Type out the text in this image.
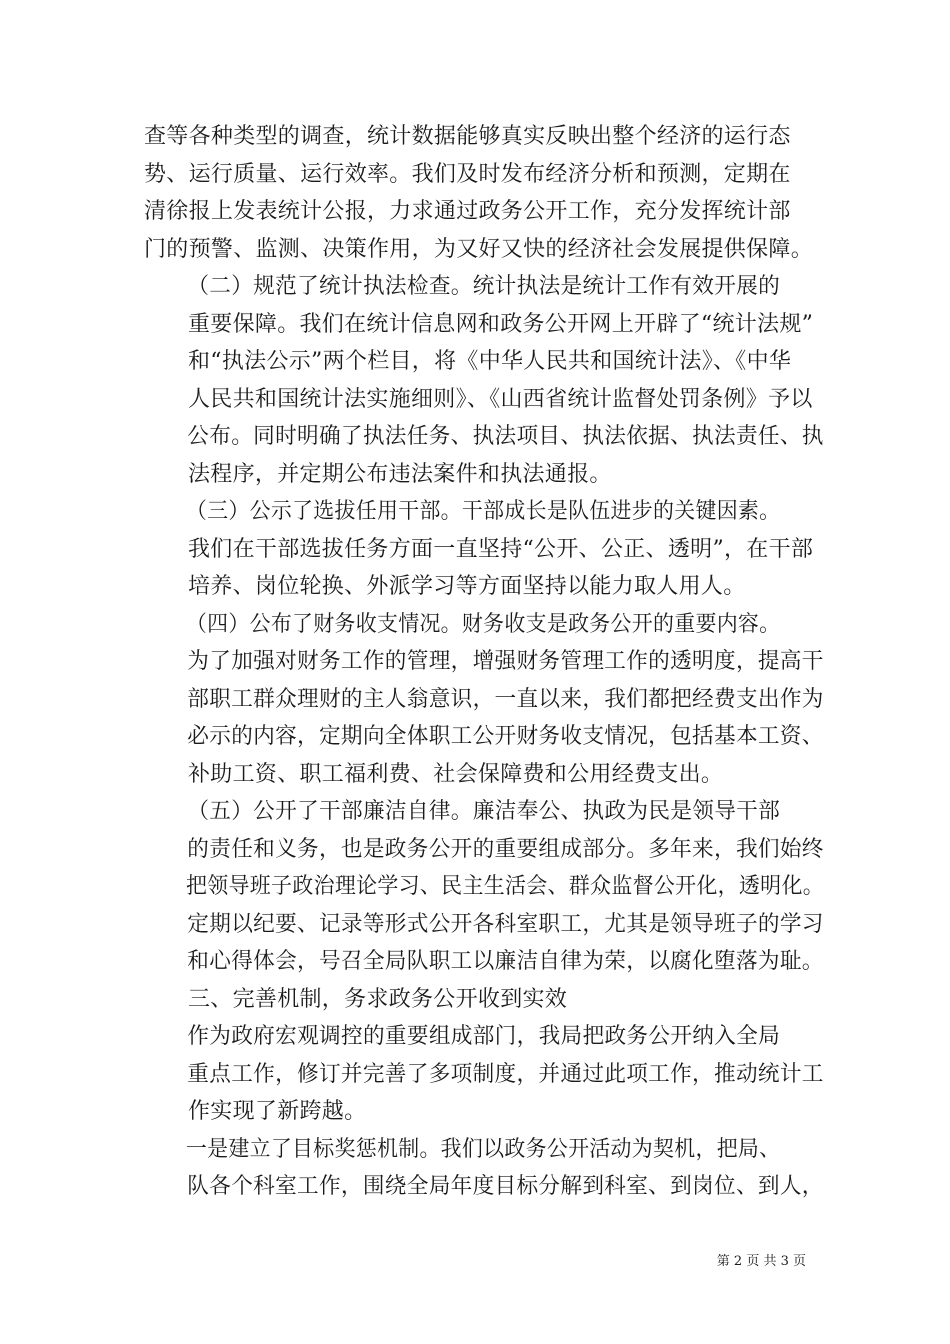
查等各种类型的调查，统计数据能够真实反映出整个经济的运行态
势、运行质量、运行效率。我们及时发布经济分析和预测，定期在
清徐报上发表统计公报，力求通过政务公开工作，充分发挥统计部
门的预警、监测、决策作用，为又好又快的经济社会发展提供保障。
（二）规范了统计执法检查。统计执法是统计工作有效开展的
重要保障。我们在统计信息网和政务公开网上开辟了“统计法规”
和“执法公示”两个栏目，将《中华人民共和国统计法》、《中华
人民共和国统计法实施细则》、《山西省统计监督处罚条例》予以
公布。同时明确了执法任务、执法项目、执法依据、执法责任、执
法程序，并定期公布违法案件和执法通报。
（三）公示了选拔任用干部。干部成长是队伍进步的关键因素。
我们在干部选拔任务方面一直坚持“公开、公正、透明”，在干部
培养、岗位轮换、外派学习等方面坚持以能力取人用人。
（四）公布了财务收支情况。财务收支是政务公开的重要内容。
为了加强对财务工作的管理，增强财务管理工作的透明度，提高干
部职工群众理财的主人翁意识，一直以来，我们都把经费支出作为
必示的内容，定期向全体职工公开财务收支情况，包括基本工资、
补助工资、职工福利费、社会保障费和公用经费支出。
（五）公开了干部廉洁自律。廉洁奉公、执政为民是领导干部
的责任和义务，也是政务公开的重要组成部分。多年来，我们始终
把领导班子政治理论学习、民主生活会、群众监督公开化，透明化。
定期以纪要、记录等形式公开各科室职工，尤其是领导班子的学习
和心得体会，号召全局队职工以廉洁自律为荣，以腐化堕落为耻。
三、完善机制，务求政务公开收到实效
作为政府宏观调控的重要组成部门，我局把政务公开纳入全局
重点工作，修订并完善了多项制度，并通过此项工作，推动统计工
作实现了新跨越。
一是建立了目标奖惩机制。我们以政务公开活动为契机，把局、
队各个科室工作，围绕全局年度目标分解到科室、到岗位、到人，
第 2 页 共 3 页
